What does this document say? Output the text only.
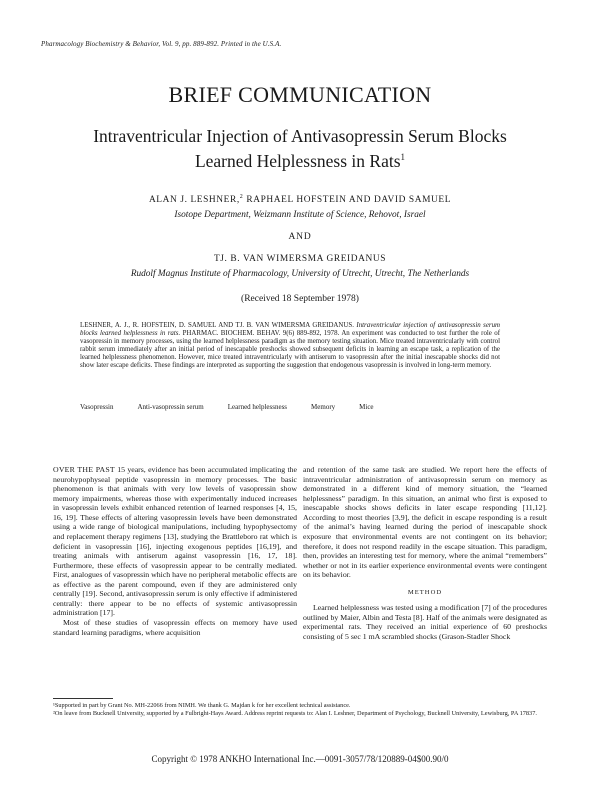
Pharmacology Biochemistry & Behavior, Vol. 9, pp. 889-892. Printed in the U.S.A.
BRIEF COMMUNICATION
Intraventricular Injection of Antivasopressin Serum Blocks
Learned Helplessness in Rats$^1$
ALAN J. LESHNER,$^2$ RAPHAEL HOFSTEIN AND DAVID SAMUEL
Isotope Department, Weizmann Institute of Science, Rehovot, Israel
AND
TJ. B. VAN WIMERSMA GREIDANUS
Rudolf Magnus Institute of Pharmacology, University of Utrecht, Utrecht, The Netherlands
(Received 18 September 1978)
LESHNER, A. J., R. HOFSTEIN, D. SAMUEL AND TJ. B. VAN WIMERSMA GREIDANUS. Intraventricular injection of antivasopressin serum blocks learned helplessness in rats. PHARMAC. BIOCHEM. BEHAV. 9(6) 889-892, 1978. An experiment was conducted to test further the role of vasopressin in memory processes, using the learned helplessness paradigm as the memory testing situation. Mice treated intraventricularly with control rabbit serum immediately after an initial period of inescapable preshocks showed subsequent deficits in learning an escape task, a replication of the learned helplessness phenomenon. However, mice treated intraventricularly with antiserum to vasopressin after the initial inescapable shocks did not show later escape deficits. These findings are interpreted as supporting the suggestion that endogenous vasopressin is involved in long-term memory.
Vasopressin	Anti-vasopressin serum	Learned helplessness	Memory	Mice

OVER THE PAST 15 years, evidence has been accumulated implicating the neurohypophyseal peptide vasopressin in memory processes. The basic phenomenon is that animals with very low levels of vasopressin show memory impairments, whereas those with experimentally induced increases in vasopressin levels exhibit enhanced retention of learned responses [4, 15, 16, 19]. These effects of altering vasopressin levels have been demonstrated using a wide range of biological manipulations, including hypophysectomy and replacement therapy regimens [13], studying the Brattleboro rat which is deficient in vasopressin [16], injecting exogenous peptides [16,19], and treating animals with antiserum against vasopressin [16, 17, 18]. Furthermore, these effects of vasopressin appear to be centrally mediated. First, analogues of vasopressin which have no peripheral metabolic effects are as effective as the parent compound, even if they are administered only centrally [19]. Second, antivasopressin serum is only effective if administered centrally: there appear to be no effects of systemic antivasopressin administration [17].

Most of these studies of vasopressin effects on memory have used standard learning paradigms, where acquisition

and retention of the same task are studied. We report here the effects of intraventricular administration of antivasopressin serum on memory as demonstrated in a different kind of memory situation, the “learned helplessness” paradigm. In this situation, an animal who first is exposed to inescapable shocks shows deficits in later escape responding [11,12]. According to most theories [3,9], the deficit in escape responding is a result of the animal’s having learned during the period of inescapable shock exposure that environmental events are not contingent on its behavior; therefore, it does not respond readily in the escape situation. This paradigm, then, provides an interesting test for memory, where the animal “remembers” whether or not in its earlier experience environmental events were contingent on its behavior.

METHOD

Learned helplessness was tested using a modification [7] of the procedures outlined by Maier, Albin and Testa [8]. Half of the animals were designated as experimental rats. They received an initial experience of 60 preshocks consisting of 5 sec 1 mA scrambled shocks (Grason-Stadler Shock

¹Supported in part by Grant No. MH-22066 from NIMH. We thank G. Majdan k for her excellent technical assistance.

²On leave from Bucknell University, supported by a Fulbright-Hays Award. Address reprint requests to: Alan I. Leshner, Department of Psychology, Bucknell University, Lewisburg, PA 17837.

Copyright © 1978 ANKHO International Inc.—0091-3057/78/120889-04$00.90/0
